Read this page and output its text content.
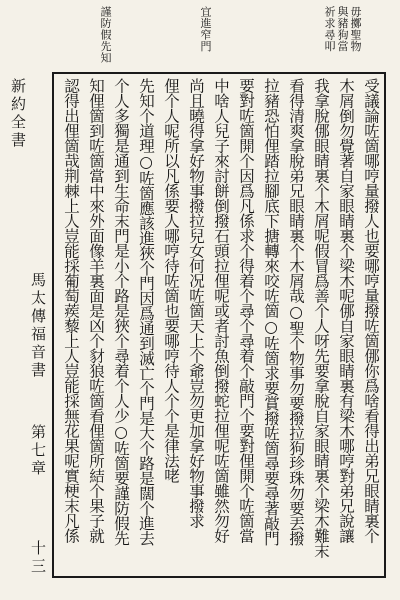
謹防假先知	宜進窄門	毋擲聖物與豬狗當祈求尋叩
新約全書
馬太傳福音書
第七章
十三
受議論咗箇哪哼量撥人也要哪哼量撥咗箇㑚你爲啥看得出弟兄眼睛裏个
木屑倒勿覺著自家眼睛裏个梁木呢㑚自家眼睛裏有梁木哪哼對弟兄說讓
我拿脫㑚眼睛裏个木屑呢假冒爲善个人呀先要拿脫自家眼睛裏个梁木難末
看得清爽拿脫弟兄眼睛裏个木屑哉○聖个物事勿要撥拉狗珍珠勿要丟撥
拉豬恐怕俚踏拉腳底下搪轉來咬咗箇○咗箇求要賞撥咗箇尋要尋著敲門
要對咗箇開个因爲凡係求个得着个尋个尋着个敲門个要對俚開个咗箇當
中啥人兒子來討餅倒撥石頭拉俚呢或者討魚倒撥蛇拉俚呢咗箇雖然勿好
尚且曉得拿好物事撥拉兒女何况咗箇天上个爺豈勿更加拿好物事撥求
俚个人呢所以凡係要人哪哼待咗箇也要哪哼待人个个是律法咾
先知个道理○咗箇應該進狹个門因爲通到滅亡个門是大个路是闊个進去
个人多獨是通到生命末門是小个路是狹个尋着个人少○咗箇要謹防假先
知俚箇到咗箇當中來外面像羊裏面是凶个豺狼咗箇看俚箇所結个果子就
認得出俚箇哉荆棘上人豈能採葡萄蒺藜上人豈能採無花果呢實梗末凡係
